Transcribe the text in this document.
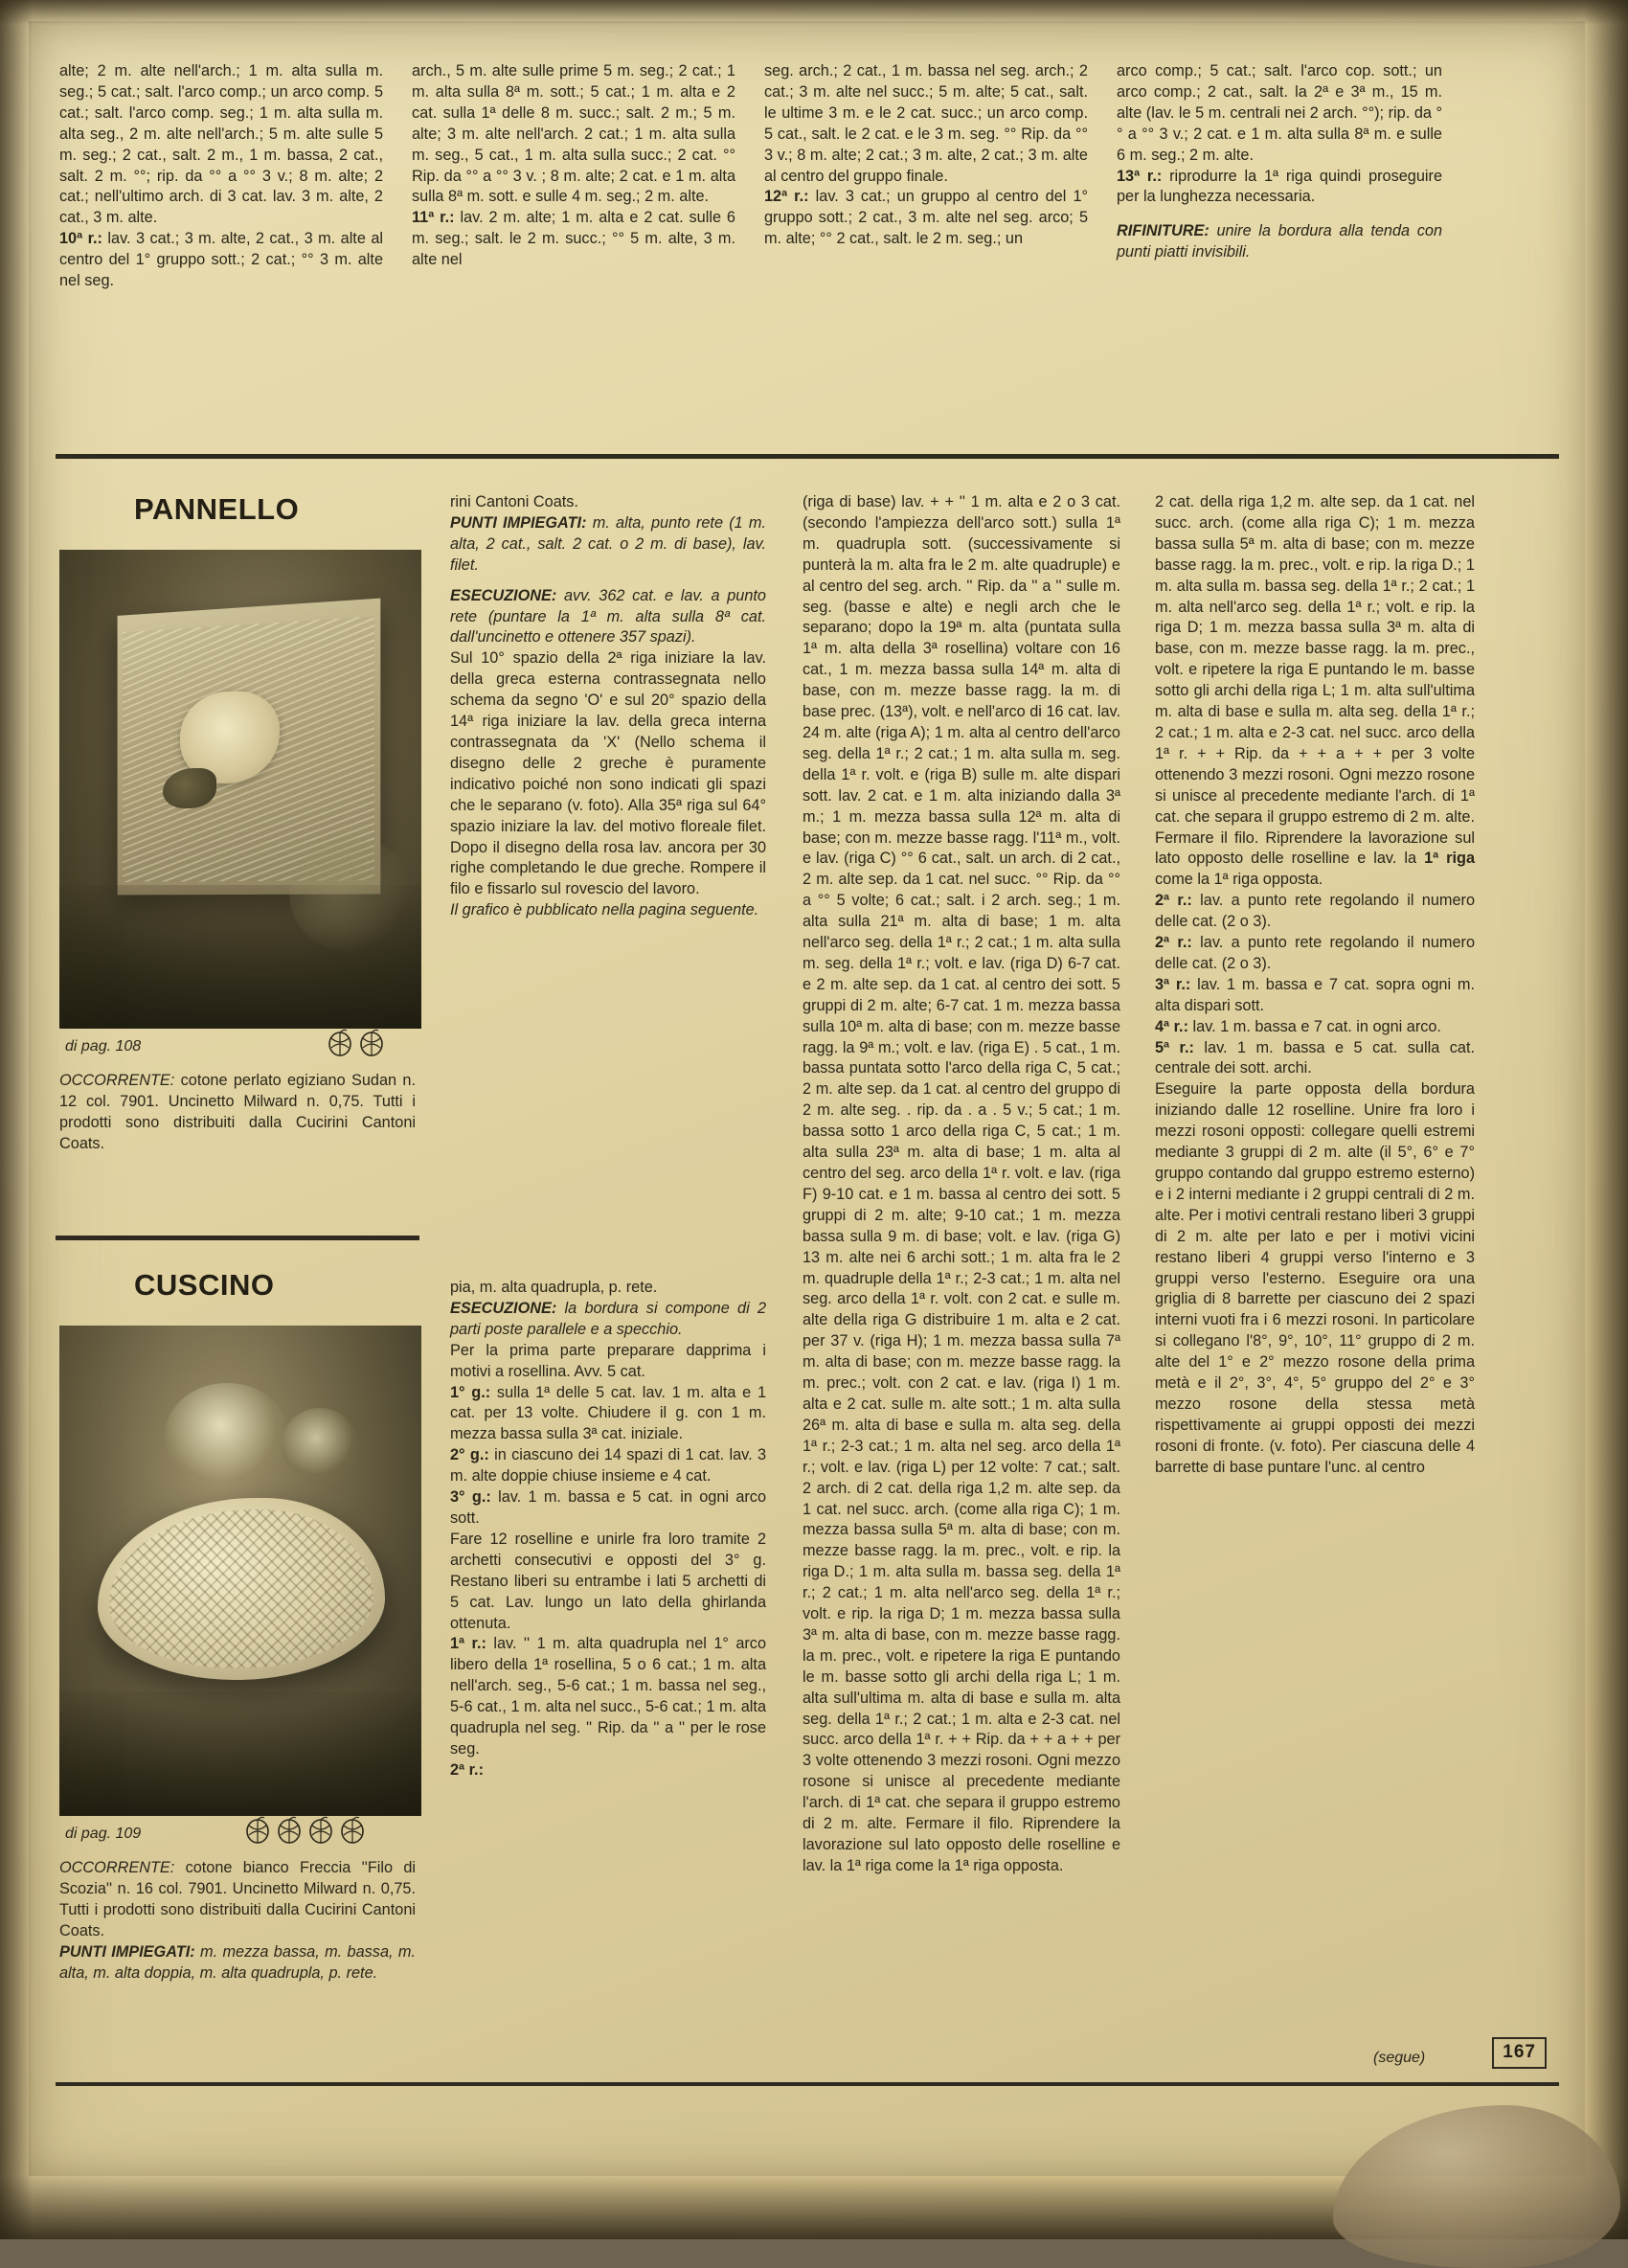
alte; 2 m. alte nell'arch.; 1 m. alta sulla m. seg.; 5 cat.; salt. l'arco comp.; un arco comp. 5 cat.; salt. l'arco comp. seg.; 1 m. alta sulla m. alta seg., 2 m. alte nell'arch.; 5 m. alte sulle 5 m. seg.; 2 cat., salt. 2 m., 1 m. bassa, 2 cat., salt. 2 m. °°; rip. da °° a °° 3 v.; 8 m. alte; 2 cat.; nell'ultimo arch. di 3 cat. lav. 3 m. alte, 2 cat., 3 m. alte.

10ª r.: lav. 3 cat.; 3 m. alte, 2 cat., 3 m. alte al centro del 1° gruppo sott.; 2 cat.; °° 3 m. alte nel seg.

arch., 5 m. alte sulle prime 5 m. seg.; 2 cat.; 1 m. alta sulla 8ª m. sott.; 5 cat.; 1 m. alta e 2 cat. sulla 1ª delle 8 m. succ.; salt. 2 m.; 5 m. alte; 3 m. alte nell'arch. 2 cat.; 1 m. alta sulla m. seg., 5 cat., 1 m. alta sulla succ.; 2 cat. °° Rip. da °° a °° 3 v. ; 8 m. alte; 2 cat. e 1 m. alta sulla 8ª m. sott. e sulle 4 m. seg.; 2 m. alte.

11ª r.: lav. 2 m. alte; 1 m. alta e 2 cat. sulle 6 m. seg.; salt. le 2 m. succ.; °° 5 m. alte, 3 m. alte nel

seg. arch.; 2 cat., 1 m. bassa nel seg. arch.; 2 cat.; 3 m. alte nel succ.; 5 m. alte; 5 cat., salt. le ultime 3 m. e le 2 cat. succ.; un arco comp. 5 cat., salt. le 2 cat. e le 3 m. seg. °° Rip. da °° 3 v.; 8 m. alte; 2 cat.; 3 m. alte, 2 cat.; 3 m. alte al centro del gruppo finale.

12ª r.: lav. 3 cat.; un gruppo al centro del 1° gruppo sott.; 2 cat., 3 m. alte nel seg. arco; 5 m. alte; °° 2 cat., salt. le 2 m. seg.; un

arco comp.; 5 cat.; salt. l'arco cop. sott.; un arco comp.; 2 cat., salt. la 2ª e 3ª m., 15 m. alte (lav. le 5 m. centrali nei 2 arch. °°); rip. da °° a °° 3 v.; 2 cat. e 1 m. alta sulla 8ª m. e sulle 6 m. seg.; 2 m. alte.

13ª r.: riprodurre la 1ª riga quindi proseguire per la lunghezza necessaria.

RIFINITURE: unire la bordura alla tenda con punti piatti invisibili.

PANNELLO
di pag. 108

OCCORRENTE: cotone perlato egiziano Sudan n. 12 col. 7901. Uncinetto Milward n. 0,75. Tutti i prodotti sono distribuiti dalla Cucirini Cantoni Coats.

rini Cantoni Coats.

PUNTI IMPIEGATI: m. alta, punto rete (1 m. alta, 2 cat., salt. 2 cat. o 2 m. di base), lav. filet.

ESECUZIONE: avv. 362 cat. e lav. a punto rete (puntare la 1ª m. alta sulla 8ª cat. dall'uncinetto e ottenere 357 spazi).

Sul 10° spazio della 2ª riga iniziare la lav. della greca esterna contrassegnata nello schema da segno 'O' e sul 20° spazio della 14ª riga iniziare la lav. della greca interna contrassegnata da 'X' (Nello schema il disegno delle 2 greche è puramente indicativo poiché non sono indicati gli spazi che le separano (v. foto). Alla 35ª riga sul 64° spazio iniziare la lav. del motivo floreale filet. Dopo il disegno della rosa lav. ancora per 30 righe completando le due greche. Rompere il filo e fissarlo sul rovescio del lavoro.

Il grafico è pubblicato nella pagina seguente.

CUSCINO
di pag. 109

OCCORRENTE: cotone bianco Freccia ''Filo di Scozia'' n. 16 col. 7901. Uncinetto Milward n. 0,75. Tutti i prodotti sono distribuiti dalla Cucirini Cantoni Coats.

PUNTI IMPIEGATI: m. mezza bassa, m. bassa, m. alta, m. alta doppia, m. alta quadrupla, p. rete.

pia, m. alta quadrupla, p. rete.

ESECUZIONE: la bordura si compone di 2 parti poste parallele e a specchio.

Per la prima parte preparare dapprima i motivi a rosellina. Avv. 5 cat.

1° g.: sulla 1ª delle 5 cat. lav. 1 m. alta e 1 cat. per 13 volte. Chiudere il g. con 1 m. mezza bassa sulla 3ª cat. iniziale.

2° g.: in ciascuno dei 14 spazi di 1 cat. lav. 3 m. alte doppie chiuse insieme e 4 cat.

3° g.: lav. 1 m. bassa e 5 cat. in ogni arco sott.

Fare 12 roselline e unirle fra loro tramite 2 archetti consecutivi e opposti del 3° g. Restano liberi su entrambe i lati 5 archetti di 5 cat. Lav. lungo un lato della ghirlanda ottenuta.

1ª r.: lav. '' 1 m. alta quadrupla nel 1° arco libero della 1ª rosellina, 5 o 6 cat.; 1 m. alta nell'arch. seg., 5-6 cat.; 1 m. bassa nel seg., 5-6 cat., 1 m. alta nel succ., 5-6 cat.; 1 m. alta quadrupla nel seg. '' Rip. da '' a '' per le rose seg.

2ª r.:

(riga di base) lav. + + '' 1 m. alta e 2 o 3 cat. (secondo l'ampiezza dell'arco sott.) sulla 1ª m. quadrupla sott. (successivamente si punterà la m. alta fra le 2 m. alte quadruple) e al centro del seg. arch. '' Rip. da '' a '' sulle m. seg. (basse e alte) e negli arch che le separano; dopo la 19ª m. alta (puntata sulla 1ª m. alta della 3ª rosellina) voltare con 16 cat., 1 m. mezza bassa sulla 14ª m. alta di base, con m. mezze basse ragg. la m. di base prec. (13ª), volt. e nell'arco di 16 cat. lav. 24 m. alte (riga A); 1 m. alta al centro dell'arco seg. della 1ª r.; 2 cat.; 1 m. alta sulla m. seg. della 1ª r. volt. e (riga B) sulle m. alte dispari sott. lav. 2 cat. e 1 m. alta iniziando dalla 3ª m.; 1 m. mezza bassa sulla 12ª m. alta di base; con m. mezze basse ragg. l'11ª m., volt. e lav. (riga C) °° 6 cat., salt. un arch. di 2 cat., 2 m. alte sep. da 1 cat. nel succ. °° Rip. da °° a °° 5 volte; 6 cat.; salt. i 2 arch. seg.; 1 m. alta sulla 21ª m. alta di base; 1 m. alta nell'arco seg. della 1ª r.; 2 cat.; 1 m. alta sulla m. seg. della 1ª r.; volt. e lav. (riga D) 6-7 cat. e 2 m. alte sep. da 1 cat. al centro dei sott. 5 gruppi di 2 m. alte; 6-7 cat. 1 m. mezza bassa sulla 10ª m. alta di base; con m. mezze basse ragg. la 9ª m.; volt. e lav. (riga E) . 5 cat., 1 m. bassa puntata sotto l'arco della riga C, 5 cat.; 2 m. alte sep. da 1 cat. al centro del gruppo di 2 m. alte seg. . rip. da . a . 5 v.; 5 cat.; 1 m. bassa sotto 1 arco della riga C, 5 cat.; 1 m. alta sulla 23ª m. alta di base; 1 m. alta al centro del seg. arco della 1ª r. volt. e lav. (riga F) 9-10 cat. e 1 m. bassa al centro dei sott. 5 gruppi di 2 m. alte; 9-10 cat.; 1 m. mezza bassa sulla 9 m. di base; volt. e lav. (riga G) 13 m. alte nei 6 archi sott.; 1 m. alta fra le 2 m. quadruple della 1ª r.; 2-3 cat.; 1 m. alta nel seg. arco della 1ª r. volt. con 2 cat. e sulle m. alte della riga G distribuire 1 m. alta e 2 cat. per 37 v. (riga H); 1 m. mezza bassa sulla 7ª m. alta di base; con m. mezze basse ragg. la m. prec.; volt. con 2 cat. e lav. (riga I) 1 m. alta e 2 cat. sulle m. alte sott.; 1 m. alta sulla 26ª m. alta di base e sulla m. alta seg. della 1ª r.; 2-3 cat.; 1 m. alta nel seg. arco della 1ª r.; volt. e lav. (riga L) per 12 volte: 7 cat.; salt. 2 arch. di 2 cat. della riga 1,2 m. alte sep. da 1 cat. nel succ. arch. (come alla riga C); 1 m. mezza bassa sulla 5ª m. alta di base; con m. mezze basse ragg. la m. prec., volt. e rip. la riga D.; 1 m. alta sulla m. bassa seg. della 1ª r.; 2 cat.; 1 m. alta nell'arco seg. della 1ª r.; volt. e rip. la riga D; 1 m. mezza bassa sulla 3ª m. alta di base, con m. mezze basse ragg. la m. prec., volt. e ripetere la riga E puntando le m. basse sotto gli archi della riga L; 1 m. alta sull'ultima m. alta di base e sulla m. alta seg. della 1ª r.; 2 cat.; 1 m. alta e 2-3 cat. nel succ. arco della 1ª r. + + Rip. da + + a + + per 3 volte ottenendo 3 mezzi rosoni. Ogni mezzo rosone si unisce al precedente mediante l'arch. di 1ª cat. che separa il gruppo estremo di 2 m. alte. Fermare il filo. Riprendere la lavorazione sul lato opposto delle roselline e lav. la 1ª riga come la 1ª riga opposta.

2 cat. della riga 1,2 m. alte sep. da 1 cat. nel succ. arch. (come alla riga C); 1 m. mezza bassa sulla 5ª m. alta di base; con m. mezze basse ragg. la m. prec., volt. e rip. la riga D.; 1 m. alta sulla m. bassa seg. della 1ª r.; 2 cat.; 1 m. alta nell'arco seg. della 1ª r.; volt. e rip. la riga D; 1 m. mezza bassa sulla 3ª m. alta di base, con m. mezze basse ragg. la m. prec., volt. e ripetere la riga E puntando le m. basse sotto gli archi della riga L; 1 m. alta sull'ultima m. alta di base e sulla m. alta seg. della 1ª r.; 2 cat.; 1 m. alta e 2-3 cat. nel succ. arco della 1ª r. + + Rip. da + + a + + per 3 volte ottenendo 3 mezzi rosoni. Ogni mezzo rosone si unisce al precedente mediante l'arch. di 1ª cat. che separa il gruppo estremo di 2 m. alte. Fermare il filo. Riprendere la lavorazione sul lato opposto delle roselline e lav. la 1ª riga come la 1ª riga opposta.

2ª r.: lav. a punto rete regolando il numero delle cat. (2 o 3).

2ª r.: lav. a punto rete regolando il numero delle cat. (2 o 3).

3ª r.: lav. 1 m. bassa e 7 cat. sopra ogni m. alta dispari sott.

4ª r.: lav. 1 m. bassa e 7 cat. in ogni arco.

5ª r.: lav. 1 m. bassa e 5 cat. sulla cat. centrale dei sott. archi.

Eseguire la parte opposta della bordura iniziando dalle 12 roselline. Unire fra loro i mezzi rosoni opposti: collegare quelli estremi mediante 3 gruppi di 2 m. alte (il 5°, 6° e 7° gruppo contando dal gruppo estremo esterno) e i 2 interni mediante i 2 gruppi centrali di 2 m. alte. Per i motivi centrali restano liberi 3 gruppi di 2 m. alte per lato e per i motivi vicini restano liberi 4 gruppi verso l'interno e 3 gruppi verso l'esterno. Eseguire ora una griglia di 8 barrette per ciascuno dei 2 spazi interni vuoti fra i 6 mezzi rosoni. In particolare si collegano l'8°, 9°, 10°, 11° gruppo di 2 m. alte del 1° e 2° mezzo rosone della prima metà e il 2°, 3°, 4°, 5° gruppo del 2° e 3° mezzo rosone della stessa metà rispettivamente ai gruppi opposti dei mezzi rosoni di fronte. (v. foto). Per ciascuna delle 4 barrette di base puntare l'unc. al centro

(segue)	167
